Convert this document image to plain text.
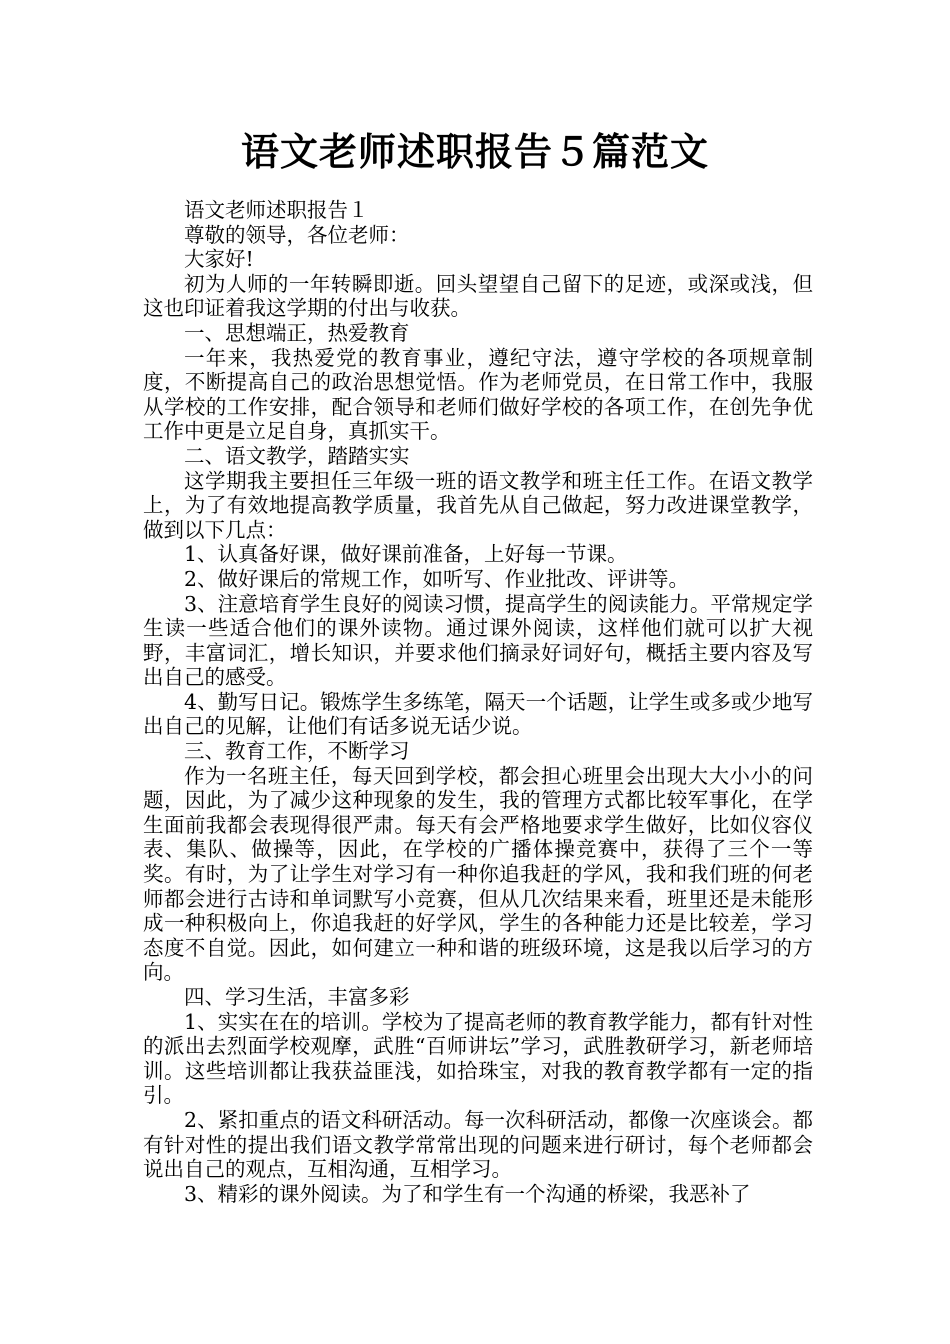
语文老师述职报告５篇范文

语文老师述职报告１

尊敬的领导，各位老师：

大家好!

初为人师的一年转瞬即逝。回头望望自己留下的足迹，或深或浅，但这也印证着我这学期的付出与收获。

一、思想端正，热爱教育

一年来，我热爱党的教育事业，遵纪守法，遵守学校的各项规章制度，不断提高自己的政治思想觉悟。作为老师党员，在日常工作中，我服从学校的工作安排，配合领导和老师们做好学校的各项工作，在创先争优工作中更是立足自身，真抓实干。

二、语文教学，踏踏实实

这学期我主要担任三年级一班的语文教学和班主任工作。在语文教学上，为了有效地提高教学质量，我首先从自己做起，努力改进课堂教学，做到以下几点：

1、认真备好课，做好课前准备，上好每一节课。

2、做好课后的常规工作，如听写、作业批改、评讲等。

3、注意培育学生良好的阅读习惯，提高学生的阅读能力。平常规定学生读一些适合他们的课外读物。通过课外阅读，这样他们就可以扩大视野，丰富词汇，增长知识，并要求他们摘录好词好句，概括主要内容及写出自己的感受。

4、勤写日记。锻炼学生多练笔，隔天一个话题，让学生或多或少地写出自己的见解，让他们有话多说无话少说。

三、教育工作，不断学习

作为一名班主任，每天回到学校，都会担心班里会出现大大小小的问题，因此，为了减少这种现象的发生，我的管理方式都比较军事化，在学生面前我都会表现得很严肃。每天有会严格地要求学生做好，比如仪容仪表、集队、做操等，因此，在学校的广播体操竞赛中，获得了三个一等奖。有时，为了让学生对学习有一种你追我赶的学风，我和我们班的何老师都会进行古诗和单词默写小竞赛，但从几次结果来看，班里还是未能形成一种积极向上，你追我赶的好学风，学生的各种能力还是比较差，学习态度不自觉。因此，如何建立一种和谐的班级环境，这是我以后学习的方向。

四、学习生活，丰富多彩

1、实实在在的培训。学校为了提高老师的教育教学能力，都有针对性的派出去烈面学校观摩，武胜“百师讲坛”学习，武胜教研学习，新老师培训。这些培训都让我获益匪浅，如拾珠宝，对我的教育教学都有一定的指引。

2、紧扣重点的语文科研活动。每一次科研活动，都像一次座谈会。都有针对性的提出我们语文教学常常出现的问题来进行研讨，每个老师都会说出自己的观点，互相沟通，互相学习。

3、精彩的课外阅读。为了和学生有一个沟通的桥梁，我恶补了
